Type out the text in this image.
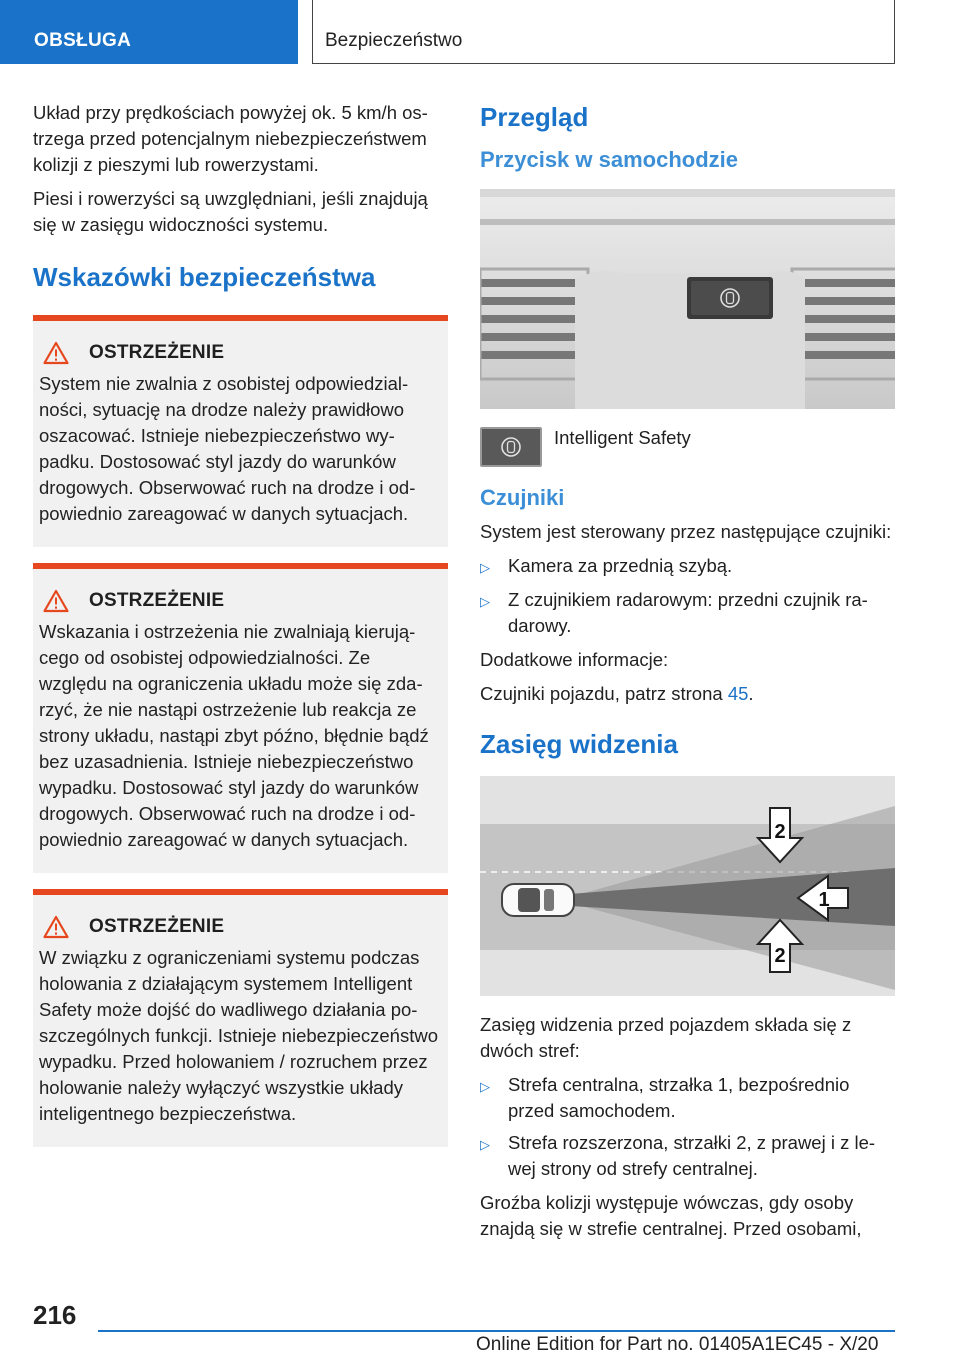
OBSŁUGA	Bezpieczeństwo

Układ przy prędkościach powyżej ok. 5 km/h ostrzega przed potencjalnym niebezpieczeństwem kolizji z pieszymi lub rowerzystami.

Piesi i rowerzyści są uwzględniani, jeśli znajdują się w zasięgu widoczności systemu.

Wskazówki bezpieczeństwa
OSTRZEŻENIE

System nie zwalnia z osobistej odpowiedzialności, sytuację na drodze należy prawidłowo oszacować. Istnieje niebezpieczeństwo wypadku. Dostosować styl jazdy do warunków drogowych. Obserwować ruch na drodze i odpowiednio zareagować w danych sytuacjach.

OSTRZEŻENIE

Wskazania i ostrzeżenia nie zwalniają kierującego od osobistej odpowiedzialności. Ze względu na ograniczenia układu może się zdarzyć, że nie nastąpi ostrzeżenie lub reakcja ze strony układu, nastąpi zbyt późno, błędnie bądź bez uzasadnienia. Istnieje niebezpieczeństwo wypadku. Dostosować styl jazdy do warunków drogowych. Obserwować ruch na drodze i odpowiednio zareagować w danych sytuacjach.

OSTRZEŻENIE

W związku z ograniczeniami systemu podczas holowania z działającym systemem Intelligent Safety może dojść do wadliwego działania poszczególnych funkcji. Istnieje niebezpieczeństwo wypadku. Przed holowaniem / rozruchem przez holowanie należy wyłączyć wszystkie układy inteligentnego bezpieczeństwa.

Przegląd
Przycisk w samochodzie
Intelligent Safety
Czujniki

System jest sterowany przez następujące czujniki:

▷ Kamera za przednią szybą.
▷ Z czujnikiem radarowym: przedni czujnik radarowy.

Dodatkowe informacje:

Czujniki pojazdu, patrz strona 45.

Zasięg widzenia
2
1
2

Zasięg widzenia przed pojazdem składa się z dwóch stref:

▷ Strefa centralna, strzałka 1, bezpośrednio przed samochodem.
▷ Strefa rozszerzona, strzałki 2, z prawej i z lewej strony od strefy centralnej.

Groźba kolizji występuje wówczas, gdy osoby znajdą się w strefie centralnej. Przed osobami,

216
Online Edition for Part no. 01405A1EC45 - X/20
